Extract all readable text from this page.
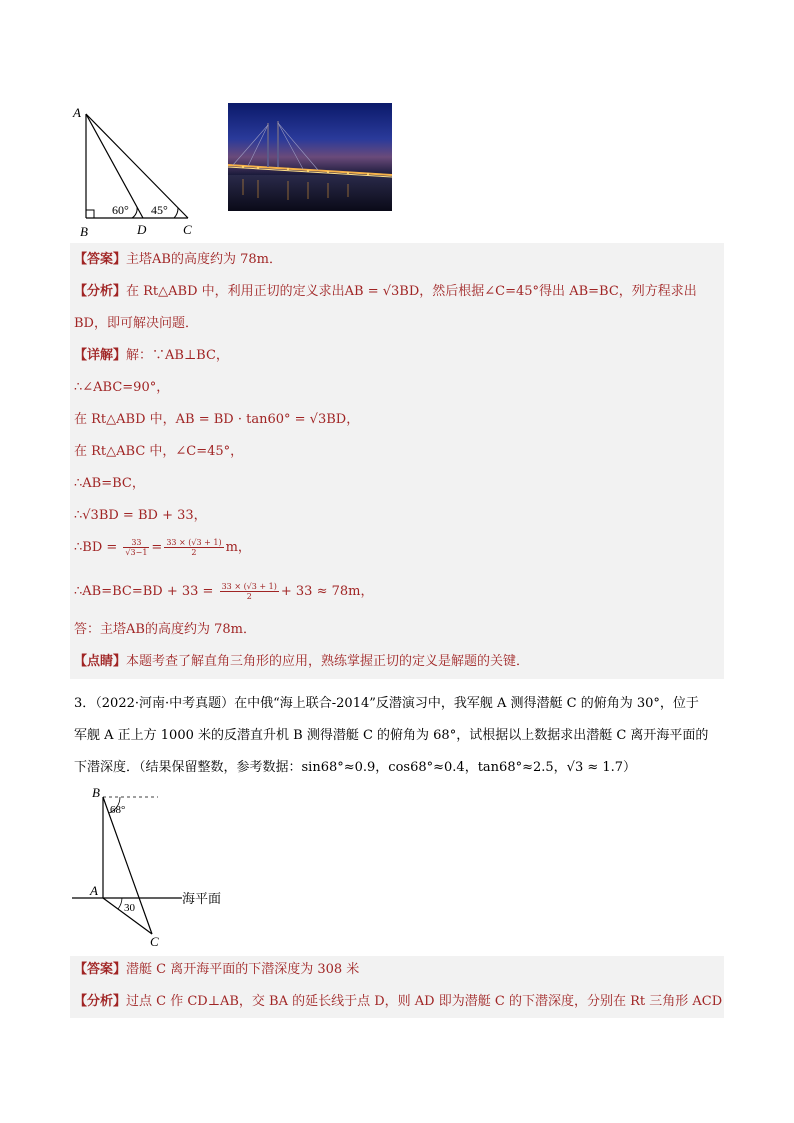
A
B	D	C
60° 45°
【答案】主塔AB的高度约为 78m．
【分析】在 Rt△ABD 中，利用正切的定义求出AB = √3BD，然后根据∠C=45°得出 AB=BC，列方程求出
BD，即可解决问题．
【详解】解：∵AB⊥BC，
∴∠ABC=90°，
在 Rt△ABD 中，AB = BD · tan60° = √3BD，
在 Rt△ABC 中，∠C=45°，
∴AB=BC，
∴√3BD = BD + 33，
∴BD = $\frac{33}{√3-1} = \frac{33 \times (√3 + 1)}{2}$ m，
∴AB=BC=BD + $33 = \frac{33 \times (√3 + 1)}{2} + 33 \approx 78m$，
答：主塔AB的高度约为 78m．
【点睛】本题考查了解直角三角形的应用，熟练掌握正切的定义是解题的关键．
3．（2022·河南·中考真题）在中俄“海上联合-2014”反潜演习中，我军舰 A 测得潜艇 C 的俯角为 30°，位于
军舰 A 正上方 1000 米的反潜直升机 B 测得潜艇 C 的俯角为 68°，试根据以上数据求出潜艇 C 离开海平面的
下潜深度．（结果保留整数，参考数据：sin68°≈0.9，cos68°≈0.4，tan68°≈2.5，√3 ≈ 1.7）
B
A
C
68°
30
海平面
【答案】潜艇 C 离开海平面的下潜深度为 308 米
【分析】过点 C 作 CD⊥AB，交 BA 的延长线于点 D，则 AD 即为潜艇 C 的下潜深度，分别在 Rt 三角形 ACD
